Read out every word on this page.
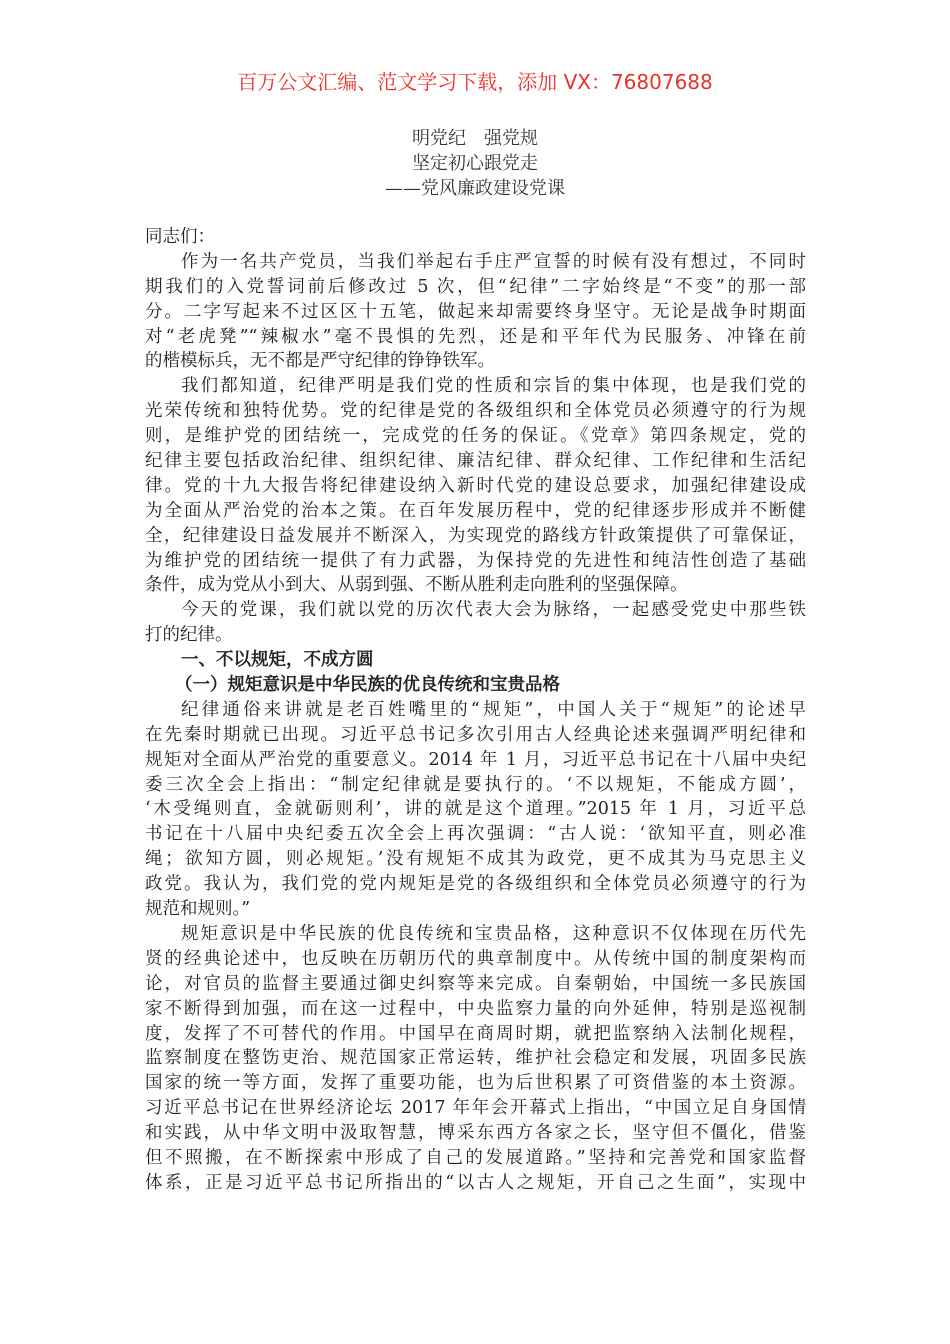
百万公文汇编、范文学习下载，添加 VX：76807688
明党纪　强党规
坚定初心跟党走
——党风廉政建设党课
同志们：
作为一名共产党员，当我们举起右手庄严宣誓的时候有没有想过，不同时
期我们的入党誓词前后修改过 5 次，但“纪律”二字始终是“不变”的那一部
分。二字写起来不过区区十五笔，做起来却需要终身坚守。无论是战争时期面
对“老虎凳”“辣椒水”毫不畏惧的先烈，还是和平年代为民服务、冲锋在前
的楷模标兵，无不都是严守纪律的铮铮铁军。
我们都知道，纪律严明是我们党的性质和宗旨的集中体现，也是我们党的
光荣传统和独特优势。党的纪律是党的各级组织和全体党员必须遵守的行为规
则，是维护党的团结统一，完成党的任务的保证。《党章》第四条规定，党的
纪律主要包括政治纪律、组织纪律、廉洁纪律、群众纪律、工作纪律和生活纪
律。党的十九大报告将纪律建设纳入新时代党的建设总要求，加强纪律建设成
为全面从严治党的治本之策。在百年发展历程中，党的纪律逐步形成并不断健
全，纪律建设日益发展并不断深入，为实现党的路线方针政策提供了可靠保证，
为维护党的团结统一提供了有力武器，为保持党的先进性和纯洁性创造了基础
条件，成为党从小到大、从弱到强、不断从胜利走向胜利的坚强保障。
今天的党课，我们就以党的历次代表大会为脉络，一起感受党史中那些铁
打的纪律。
一、不以规矩，不成方圆
（一）规矩意识是中华民族的优良传统和宝贵品格
纪律通俗来讲就是老百姓嘴里的“规矩”，中国人关于“规矩”的论述早
在先秦时期就已出现。习近平总书记多次引用古人经典论述来强调严明纪律和
规矩对全面从严治党的重要意义。2014 年 1 月，习近平总书记在十八届中央纪
委三次全会上指出：“制定纪律就是要执行的。‘不以规矩，不能成方圆’，
‘木受绳则直，金就砺则利’，讲的就是这个道理。”2015 年 1 月，习近平总
书记在十八届中央纪委五次全会上再次强调：“古人说：‘欲知平直，则必准
绳；欲知方圆，则必规矩。’没有规矩不成其为政党，更不成其为马克思主义
政党。我认为，我们党的党内规矩是党的各级组织和全体党员必须遵守的行为
规范和规则。”
规矩意识是中华民族的优良传统和宝贵品格，这种意识不仅体现在历代先
贤的经典论述中，也反映在历朝历代的典章制度中。从传统中国的制度架构而
论，对官员的监督主要通过御史纠察等来完成。自秦朝始，中国统一多民族国
家不断得到加强，而在这一过程中，中央监察力量的向外延伸，特别是巡视制
度，发挥了不可替代的作用。中国早在商周时期，就把监察纳入法制化规程，
监察制度在整饬吏治、规范国家正常运转，维护社会稳定和发展，巩固多民族
国家的统一等方面，发挥了重要功能，也为后世积累了可资借鉴的本土资源。
习近平总书记在世界经济论坛 2017 年年会开幕式上指出，“中国立足自身国情
和实践，从中华文明中汲取智慧，博采东西方各家之长，坚守但不僵化，借鉴
但不照搬，在不断探索中形成了自己的发展道路。”坚持和完善党和国家监督
体系，正是习近平总书记所指出的“以古人之规矩，开自己之生面”，实现中
